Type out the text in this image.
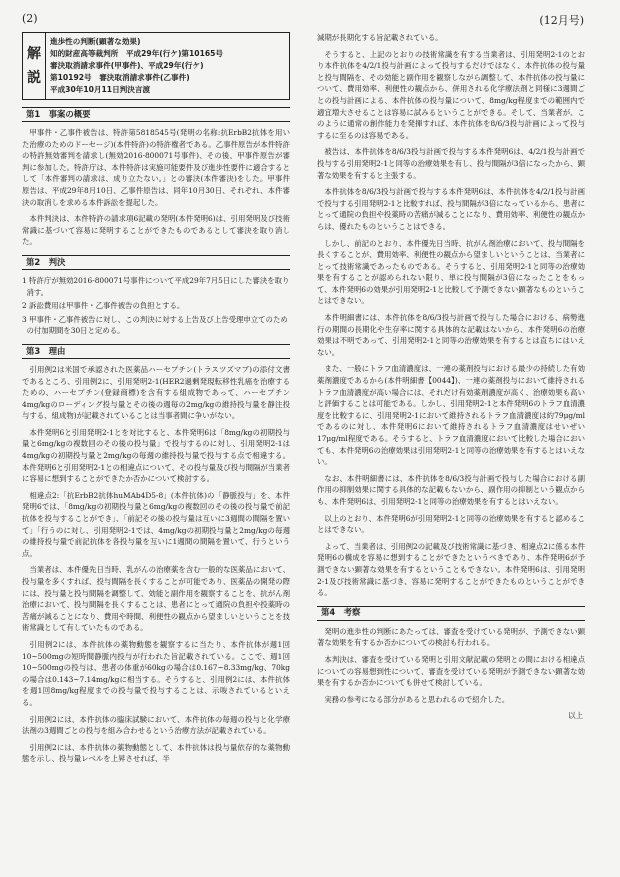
(2)	(12月号)
解
説
進歩性の判断(顕著な効果)
知的財産高等裁判所　平成29年(行ケ)第10165号
審決取消請求事件(甲事件)、平成29年(行ケ)
第10192号　審決取消請求事件(乙事件)
平成30年10月11日判決言渡
第1　事案の概要

甲事件・乙事件被告は、特許第5818545号(発明の名称:抗ErbB2抗体を用いた治療のためのドーセージ)(本件特許)の特許権者である。乙事件原告が本件特許の特許無効審判を請求し(無効2016-800071号事件)、その後、甲事件原告が審判に参加した。特許庁は、本件特許は実施可能要件及び進歩性要件に適合するとして「本件審判の請求は、成り立たない。」との審決(本件審決)をした。甲事件原告は、平成29年8月10日、乙事件原告は、同年10月30日、それぞれ、本件審決の取消しを求める本件訴訟を提起した。

本件判決は、本件特許の請求項6記載の発明(本件発明6)は、引用発明及び技術常識に基づいて容易に発明することができたものであるとして審決を取り消した。

第2　判決
1 特許庁が無効2016-800071号事件について平成29年7月5日にした審決を取り消す。
2 訴訟費用は甲事件・乙事件被告の負担とする。
3 甲事件・乙事件被告に対し、この判決に対する上告及び上告受理申立てのための付加期間を30日と定める。
第3　理由

引用例2は米国で承認された医薬品ハーセプチン(トラスツズマブ)の添付文書であるところ、引用例2に、引用発明2-1(HER2過剰発現転移性乳癌を治療するための、ハーセプチン(登録商標)を含有する組成物であって、ハーセプチン4mg/kgのローディング投与量とその後の週毎の2mg/kgの維持投与量を静注投与する、組成物)が記載されていることは当事者間に争いがない。

本件発明6と引用発明2-1とを対比すると、本件発明6は「8mg/kgの初期投与量と6mg/kgの複数回のその後の投与量」で投与するのに対し、引用発明2-1は4mg/kgの初期投与量と2mg/kgの毎週の維持投与量で投与する点で相違する。本件発明6と引用発明2-1との相違点について、その投与量及び投与間隔が当業者に容易に想到することができたか否かについて検討する。

相違点2:「抗ErbB2抗体huMAb4D5-8」(本件抗体)の「静脈投与」を、本件発明6では、「8mg/kgの初期投与量と6mg/kgの複数回のその後の投与量で前記抗体を投与することができ」、「前記その後の投与量は互いに3週間の間隔を置いて」「行うのに対し、引用発明2-1では、4mg/kgの初期投与量と2mg/kgの毎週の維持投与量で前記抗体を各投与量を互いに1週間の間隔を置いて、行うという点。

当業者は、本件優先日当時、乳がんの治療薬を含む一般的な医薬品において、投与量を多くすれば、投与間隔を長くすることが可能であり、医薬品の開発の際には、投与量と投与間隔を調整して、効能と副作用を観察することを、抗がん剤治療において、投与間隔を長くすることは、患者にとって通院の負担や投薬時の苦痛が減ることになり、費用や時間、利便性の観点から望ましいということを技術常識として有していたものである。

引用例2には、本件抗体の薬物動態を観察するに当たり、本件抗体が週1回10~500mgの短時間静脈内投与が行われた旨記載されている。ここで、週1回10~500mgの投与は、患者の体重が60kgの場合は0.167~8.33mg/kg、70kgの場合は0.143~7.14mg/kgに相当する。そうすると、引用例2には、本件抗体を週1回8mg/kg程度までの投与量で投与することは、示唆されているといえる。

引用例2には、本件抗体の臨床試験において、本件抗体の毎週の投与と化学療法剤の3週間ごとの投与を組み合わせるという治療方法が記載されている。

引用例2には、本件抗体の薬物動態として、本件抗体は投与量依存的な薬物動態を示し、投与量レベルを上昇させれば、半

減期が長期化する旨記載されている。

そうすると、上記のとおりの技術常識を有する当業者は、引用発明2-1のとおり本件抗体を4/2/1投与計画によって投与するだけではなく、本件抗体の投与量と投与間隔を、その効能と副作用を観察しながら調整して、本件抗体の投与量について、費用効率、利便性の観点から、併用される化学療法剤と同様に3週間ごとの投与計画による、本件抗体の投与量について、8mg/kg程度までの範囲内で適宜増大させることは容易に試みるということができる。そして、当業者が、このように通常の創作能力を発揮すれば、本件抗体を8/6/3投与計画によって投与するに至るのは容易である。

被告は、本件抗体を8/6/3投与計画で投与する本件発明6は、4/2/1投与計画で投与する引用発明2-1と同等の治療効果を有し、投与間隔が3倍になったから、顕著な効果を有すると主張する。

本件抗体を8/6/3投与計画で投与する本件発明6は、本件抗体を4/2/1投与計画で投与する引用発明2-1と比較すれば、投与間隔が3倍になっているから、患者にとって通院の負担や投薬時の苦痛が減ることになり、費用効率、利便性の観点からは、優れたものということはできる。

しかし、前記のとおり、本件優先日当時、抗がん剤治療において、投与間隔を長くすることが、費用効率、利便性の観点から望ましいということは、当業者にとって技術常識であったものである。そうすると、引用発明2-1と同等の治療効果を有することが認められない限り、単に投与間隔が3倍になったことをもって、本件発明6の効果が引用発明2-1と比較して予測できない顕著なものということはできない。

本件明細書には、本件抗体を8/6/3投与計画で投与した場合における、病勢進行の期間の長期化や生存率に関する具体的な記載はないから、本件発明6の治療効果は不明であって、引用発明2-1と同等の治療効果を有するとは直ちにはいえない。

また、一般にトラフ血清濃度は、一連の薬剤投与における最少の持続した有効薬剤濃度であるから(本件明細書【0044】)、一連の薬剤投与において維持されるトラフ血清濃度が高い場合には、それだけ有効薬剤濃度が高く、治療効果も高いと評価することは可能である。しかし、引用発明2-1と本件発明6のトラフ血清濃度を比較するに、引用発明2-1において維持されるトラフ血清濃度は約79μg/mlであるのに対し、本件発明6において維持されるトラフ血清濃度はせいぜい17μg/ml程度である。そうすると、トラフ血清濃度において比較した場合においても、本件発明6の治療効果は引用発明2-1と同等の治療効果を有するとはいえない。

なお、本件明細書には、本件抗体を8/6/3投与計画で投与した場合における副作用の抑制効果に関する具体的な記載もないから、副作用の抑制という観点からも、本件発明6は、引用発明2-1と同等の治療効果を有するとはいえない。

以上のとおり、本件発明6が引用発明2-1と同等の治療効果を有すると認めることはできない。

よって、当業者は、引用例2の記載及び技術常識に基づき、相違点2に係る本件発明6の構成を容易に想到することができたというべきであり、本件発明6が予測できない顕著な効果を有するということもできない。本件発明6は、引用発明2-1及び技術常識に基づき、容易に発明することができたものということができる。

第4　考察

発明の進歩性の判断にあたっては、審査を受けている発明が、予測できない顕著な効果を有するか否かについての検討も行われる。

本判決は、審査を受けている発明と引用文献記載の発明との間における相違点についての容易想到性について、審査を受けている発明が予測できない顕著な効果を有するか否かについても併せて検討している。

実務の参考になる部分があると思われるので紹介した。

以上
